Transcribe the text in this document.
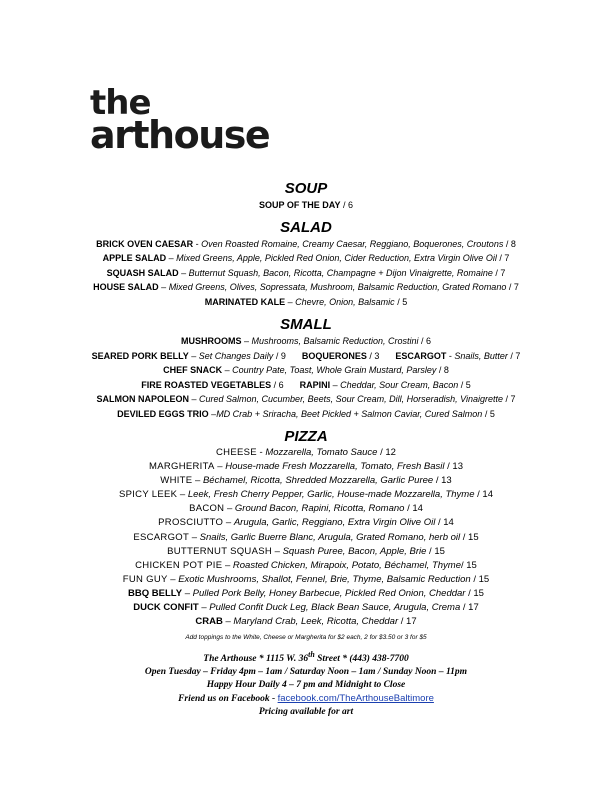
the
arthouse
SOUP
SOUP OF THE DAY / 6
SALAD
BRICK OVEN CAESAR - Oven Roasted Romaine, Creamy Caesar, Reggiano, Boquerones, Croutons / 8
APPLE SALAD – Mixed Greens, Apple, Pickled Red Onion, Cider Reduction, Extra Virgin Olive Oil / 7
SQUASH SALAD – Butternut Squash, Bacon, Ricotta, Champagne + Dijon Vinaigrette, Romaine / 7
HOUSE SALAD – Mixed Greens, Olives, Sopressata, Mushroom, Balsamic Reduction, Grated Romano / 7
MARINATED KALE – Chevre, Onion, Balsamic / 5
SMALL
MUSHROOMS – Mushrooms, Balsamic Reduction, Crostini / 6
SEARED PORK BELLY – Set Changes Daily / 9 BOQUERONES / 3 ESCARGOT - Snails, Butter / 7
CHEF SNACK – Country Pate, Toast, Whole Grain Mustard, Parsley / 8
FIRE ROASTED VEGETABLES / 6 RAPINI – Cheddar, Sour Cream, Bacon / 5
SALMON NAPOLEON – Cured Salmon, Cucumber, Beets, Sour Cream, Dill, Horseradish, Vinaigrette / 7
DEVILED EGGS TRIO –MD Crab + Sriracha, Beet Pickled + Salmon Caviar, Cured Salmon / 5
PIZZA
CHEESE - Mozzarella, Tomato Sauce / 12
MARGHERITA – House-made Fresh Mozzarella, Tomato, Fresh Basil / 13
WHITE – Béchamel, Ricotta, Shredded Mozzarella, Garlic Puree / 13
SPICY LEEK – Leek, Fresh Cherry Pepper, Garlic, House-made Mozzarella, Thyme / 14
BACON – Ground Bacon, Rapini, Ricotta, Romano / 14
PROSCIUTTO – Arugula, Garlic, Reggiano, Extra Virgin Olive Oil / 14
ESCARGOT – Snails, Garlic Buerre Blanc, Arugula, Grated Romano, herb oil / 15
BUTTERNUT SQUASH – Squash Puree, Bacon, Apple, Brie / 15
CHICKEN POT PIE – Roasted Chicken, Mirapoix, Potato, Béchamel, Thyme/ 15
FUN GUY – Exotic Mushrooms, Shallot, Fennel, Brie, Thyme, Balsamic Reduction / 15
BBQ BELLY – Pulled Pork Belly, Honey Barbecue, Pickled Red Onion, Cheddar / 15
DUCK CONFIT – Pulled Confit Duck Leg, Black Bean Sauce, Arugula, Crema / 17
CRAB – Maryland Crab, Leek, Ricotta, Cheddar / 17
Add toppings to the White, Cheese or Margherita for $2 each, 2 for $3.50 or 3 for $5
The Arthouse * 1115 W. 36th Street * (443) 438-7700
Open Tuesday – Friday 4pm – 1am / Saturday Noon – 1am / Sunday Noon – 11pm
Happy Hour Daily 4 – 7 pm and Midnight to Close
Friend us on Facebook - facebook.com/TheArthouseBaltimore
Pricing available for art
